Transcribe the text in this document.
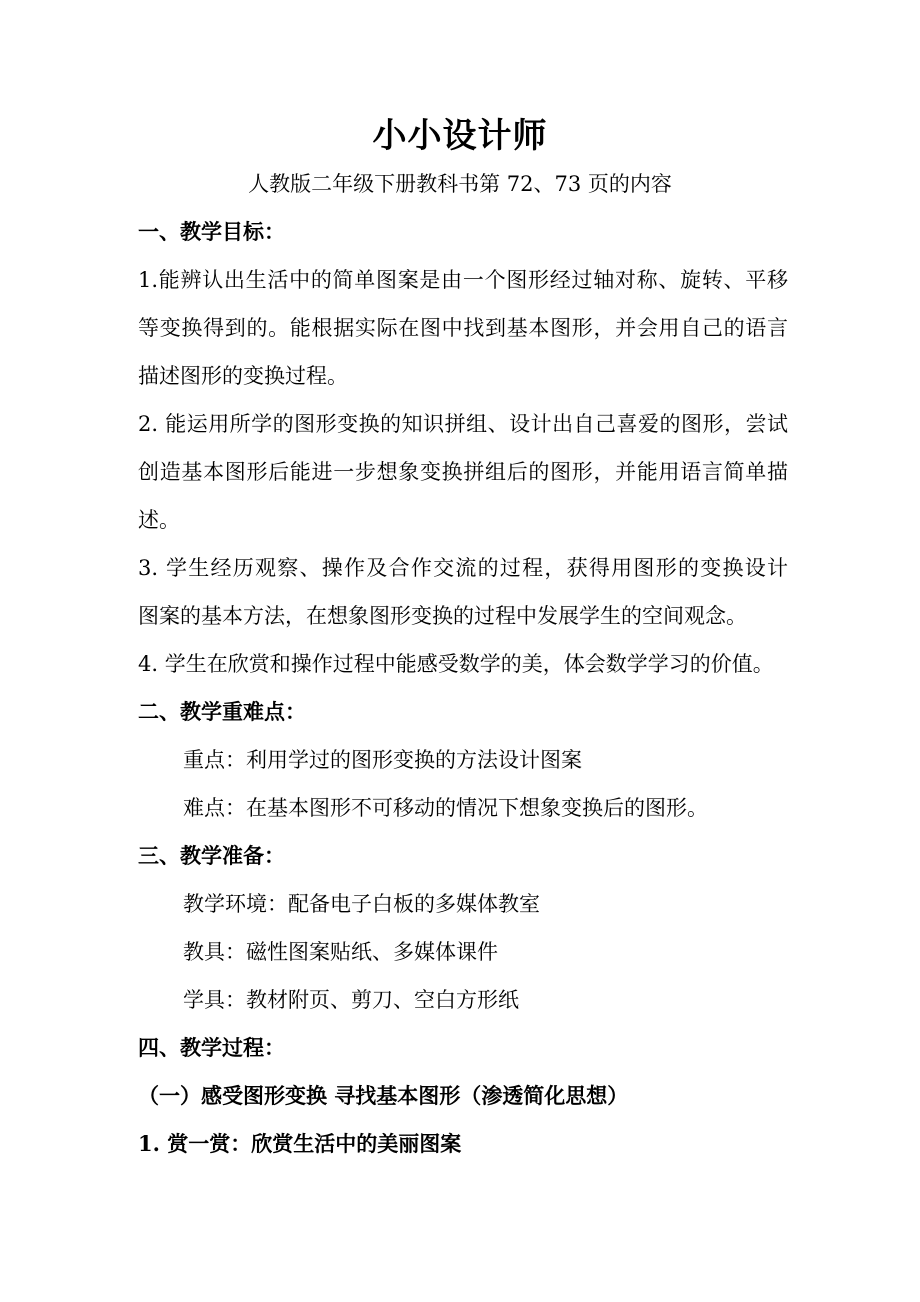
小小设计师
人教版二年级下册教科书第 72、73 页的内容
一、教学目标：
1.能辨认出生活中的简单图案是由一个图形经过轴对称、旋转、平移
等变换得到的。能根据实际在图中找到基本图形，并会用自己的语言
描述图形的变换过程。
2. 能运用所学的图形变换的知识拼组、设计出自己喜爱的图形，尝试
创造基本图形后能进一步想象变换拼组后的图形，并能用语言简单描
述。
3. 学生经历观察、操作及合作交流的过程，获得用图形的变换设计
图案的基本方法，在想象图形变换的过程中发展学生的空间观念。
4. 学生在欣赏和操作过程中能感受数学的美，体会数学学习的价值。
二、教学重难点：
重点：利用学过的图形变换的方法设计图案
难点：在基本图形不可移动的情况下想象变换后的图形。
三、教学准备：
教学环境：配备电子白板的多媒体教室
教具：磁性图案贴纸、多媒体课件
学具：教材附页、剪刀、空白方形纸
四、教学过程：
（一）感受图形变换 寻找基本图形（渗透简化思想）
1. 赏一赏：欣赏生活中的美丽图案
